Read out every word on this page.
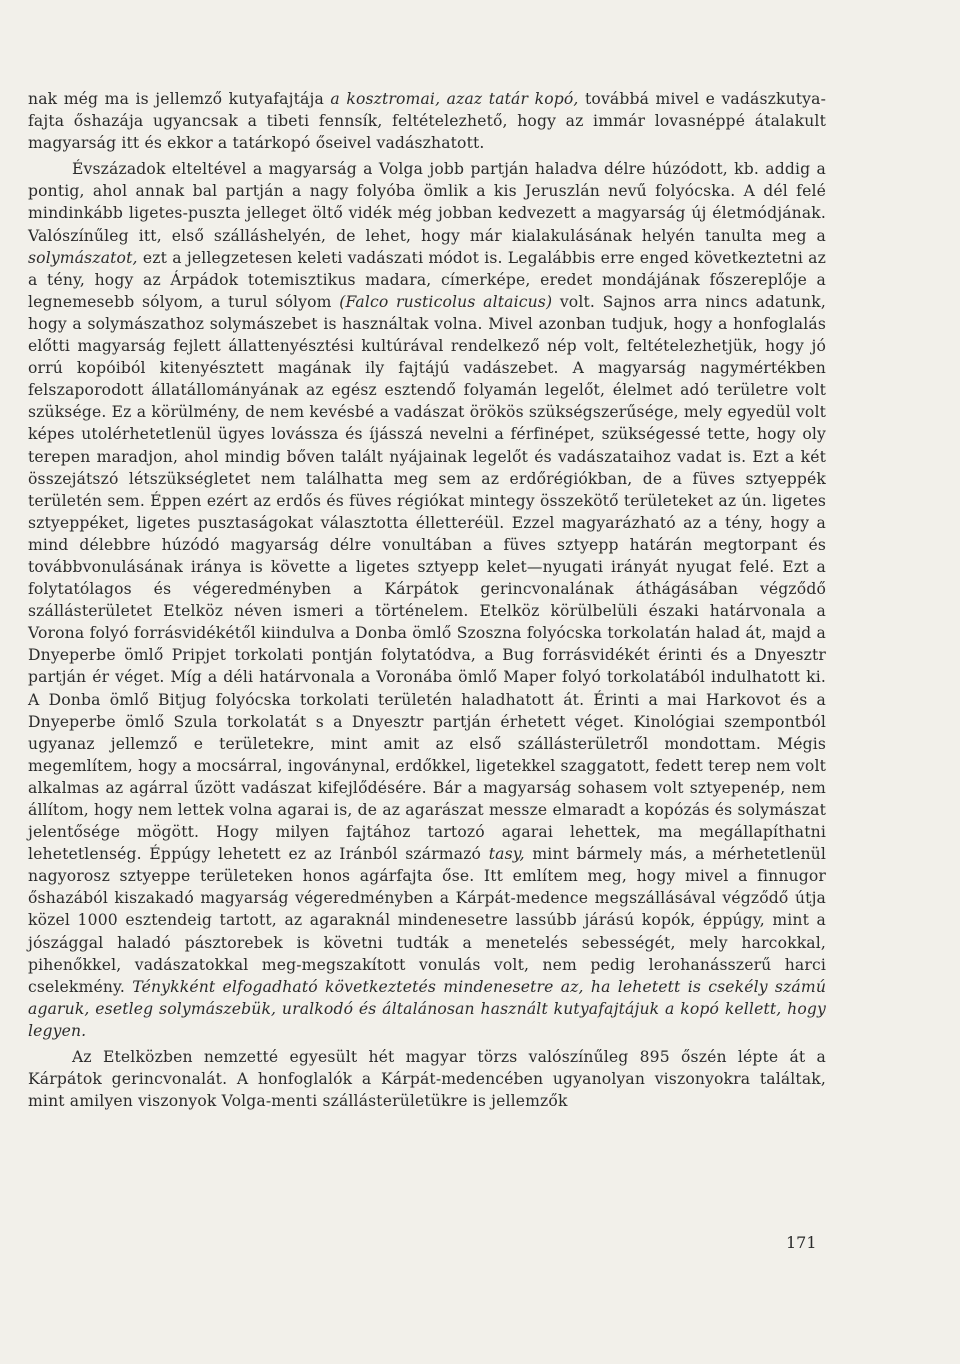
nak még ma is jellemző kutyafajtája a kosztromai, azaz tatár kopó, továbbá mivel e vadászkutya-fajta őshazája ugyancsak a tibeti fennsík, feltételezhető, hogy az immár lovasnéppé átalakult magyarság itt és ekkor a tatárkopó őseivel vadászhatott.

Évszázadok elteltével a magyarság a Volga jobb partján haladva délre húzódott, kb. addig a pontig, ahol annak bal partján a nagy folyóba ömlik a kis Jeruszlán nevű folyócska. A dél felé mindinkább ligetes-puszta jelleget öltő vidék még jobban kedvezett a magyarság új életmódjának. Valószínűleg itt, első szálláshelyén, de lehet, hogy már kialakulásának helyén tanulta meg a solymászatot, ezt a jellegzetesen keleti vadászati módot is. Legalábbis erre enged következtetni az a tény, hogy az Árpádok totemisztikus madara, címerképe, eredet mondájának főszereplője a legnemesebb sólyom, a turul sólyom (Falco rusticolus altaicus) volt. Sajnos arra nincs adatunk, hogy a solymászathoz solymászebet is használtak volna. Mivel azonban tudjuk, hogy a honfoglalás előtti magyarság fejlett állattenyésztési kultúrával rendelkező nép volt, feltételezhetjük, hogy jó orrú kopóiból kitenyésztett magának ily fajtájú vadászebet. A magyarság nagymértékben felszaporodott állatállományának az egész esztendő folyamán legelőt, élelmet adó területre volt szüksége. Ez a körülmény, de nem kevésbé a vadászat örökös szükségszerűsége, mely egyedül volt képes utolérhetetlenül ügyes lovássza és íjásszá nevelni a férfinépet, szükségessé tette, hogy oly terepen maradjon, ahol mindig bőven talált nyájainak legelőt és vadászataihoz vadat is. Ezt a két összejátszó létszükségletet nem találhatta meg sem az erdőrégiókban, de a füves sztyeppék területén sem. Éppen ezért az erdős és füves régiókat mintegy összekötő területeket az ún. ligetes sztyeppéket, ligetes pusztaságokat választotta élletteréül. Ezzel magyarázható az a tény, hogy a mind délebbre húzódó magyarság délre vonultában a füves sztyepp határán megtorpant és továbbvonulásának iránya is követte a ligetes sztyepp kelet—nyugati irányát nyugat felé. Ezt a folytatólagos és végeredményben a Kárpátok gerincvonalának áthágásában végződő szállásterületet Etelköz néven ismeri a történelem. Etelköz körülbelüli északi határvonala a Vorona folyó forrásvidékétől kiindulva a Donba ömlő Szoszna folyócska torkolatán halad át, majd a Dnyeperbe ömlő Pripjet torkolati pontján folytatódva, a Bug forrásvidékét érinti és a Dnyesztr partján ér véget. Míg a déli határvonala a Voronába ömlő Maper folyó torkolatából indulhatott ki. A Donba ömlő Bitjug folyócska torkolati területén haladhatott át. Érinti a mai Harkovot és a Dnyeperbe ömlő Szula torkolatát s a Dnyesztr partján érhetett véget. Kinológiai szempontból ugyanaz jellemző e területekre, mint amit az első szállásterületről mondottam. Mégis megemlítem, hogy a mocsárral, ingoványnal, erdőkkel, ligetekkel szaggatott, fedett terep nem volt alkalmas az agárral űzött vadászat kifejlődésére. Bár a magyarság sohasem volt sztyepenép, nem állítom, hogy nem lettek volna agarai is, de az agarászat messze elmaradt a kopózás és solymászat jelentősége mögött. Hogy milyen fajtához tartozó agarai lehettek, ma megállapíthatni lehetetlenség. Éppúgy lehetett ez az Iránból származó tasy, mint bármely más, a mérhetetlenül nagyorosz sztyeppe területeken honos agárfajta őse. Itt említem meg, hogy mivel a finnugor őshazából kiszakadó magyarság végeredményben a Kárpát-medence megszállásával végződő útja közel 1000 esztendeig tartott, az agaraknál mindenesetre lassúbb járású kopók, éppúgy, mint a jószággal haladó pásztorebek is követni tudták a menetelés sebességét, mely harcokkal, pihenőkkel, vadászatokkal meg-megszakított vonulás volt, nem pedig lerohanásszerű harci cselekmény. Ténykként elfogadható következtetés mindenesetre az, ha lehetett is csekély számú agaruk, esetleg solymászebük, uralkodó és általánosan használt kutyafajtájuk a kopó kellett, hogy legyen.

Az Etelközben nemzetté egyesült hét magyar törzs valószínűleg 895 őszén lépte át a Kárpátok gerincvonalát. A honfoglalók a Kárpát-medencében ugyanolyan viszonyokra találtak, mint amilyen viszonyok Volga-menti szállásterületükre is jellemzők

171
